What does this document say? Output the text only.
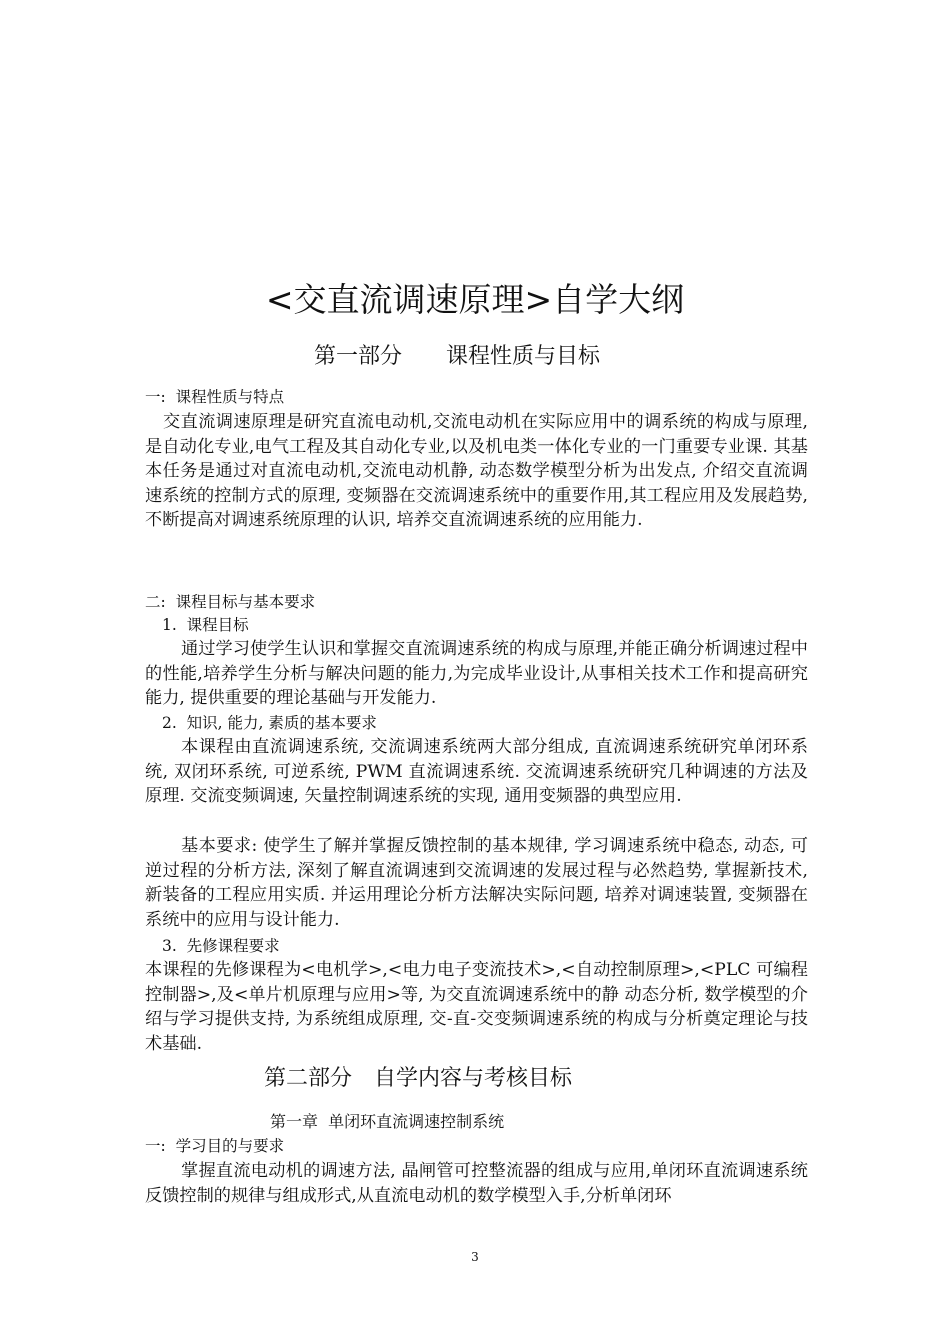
<交直流调速原理>自学大纲
第一部分　　课程性质与目标
一:  课程性质与特点
交直流调速原理是研究直流电动机,交流电动机在实际应用中的调系统的构成与原理,是自动化专业,电气工程及其自动化专业,以及机电类一体化专业的一门重要专业课. 其基本任务是通过对直流电动机,交流电动机静, 动态数学模型分析为出发点, 介绍交直流调速系统的控制方式的原理, 变频器在交流调速系统中的重要作用,其工程应用及发展趋势,不断提高对调速系统原理的认识, 培养交直流调速系统的应用能力.
二:  课程目标与基本要求
1.  课程目标
通过学习使学生认识和掌握交直流调速系统的构成与原理,并能正确分析调速过程中的性能,培养学生分析与解决问题的能力,为完成毕业设计,从事相关技术工作和提高研究能力, 提供重要的理论基础与开发能力.
2.  知识, 能力, 素质的基本要求
本课程由直流调速系统, 交流调速系统两大部分组成, 直流调速系统研究单闭环系统, 双闭环系统, 可逆系统, PWM 直流调速系统. 交流调速系统研究几种调速的方法及原理. 交流变频调速, 矢量控制调速系统的实现, 通用变频器的典型应用.
基本要求: 使学生了解并掌握反馈控制的基本规律, 学习调速系统中稳态, 动态, 可逆过程的分析方法, 深刻了解直流调速到交流调速的发展过程与必然趋势, 掌握新技术, 新装备的工程应用实质. 并运用理论分析方法解决实际问题, 培养对调速装置, 变频器在系统中的应用与设计能力.
3.  先修课程要求
本课程的先修课程为<电机学>,<电力电子变流技术>,<自动控制原理>,<PLC 可编程控制器>,及<单片机原理与应用>等, 为交直流调速系统中的静 动态分析, 数学模型的介绍与学习提供支持, 为系统组成原理, 交-直-交变频调速系统的构成与分析奠定理论与技术基础.
第二部分　自学内容与考核目标
第一章  单闭环直流调速控制系统
一:  学习目的与要求
掌握直流电动机的调速方法, 晶闸管可控整流器的组成与应用,单闭环直流调速系统反馈控制的规律与组成形式,从直流电动机的数学模型入手,分析单闭环
3
